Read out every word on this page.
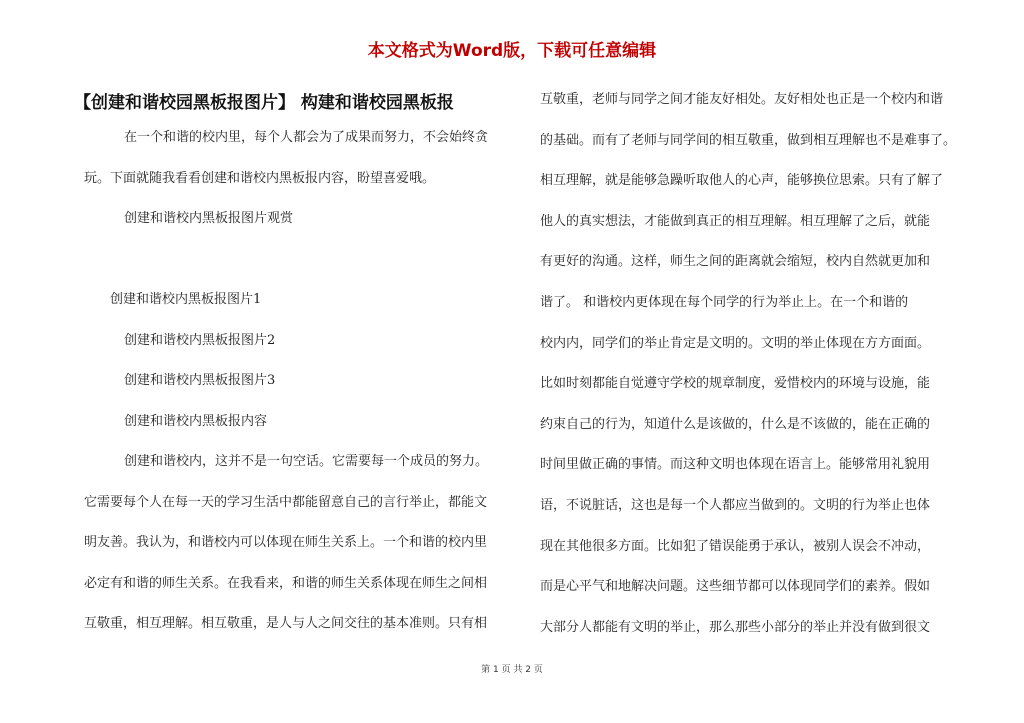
本文格式为Word版，下载可任意编辑
【创建和谐校园黑板报图片】 构建和谐校园黑板报
在一个和谐的校内里，每个人都会为了成果而努力，不会始终贪
玩。下面就随我看看创建和谐校内黑板报内容，盼望喜爱哦。
创建和谐校内黑板报图片观赏
创建和谐校内黑板报图片1
创建和谐校内黑板报图片2
创建和谐校内黑板报图片3
创建和谐校内黑板报内容
创建和谐校内，这并不是一句空话。它需要每一个成员的努力。
它需要每个人在每一天的学习生活中都能留意自己的言行举止，都能文
明友善。我认为，和谐校内可以体现在师生关系上。一个和谐的校内里
必定有和谐的师生关系。在我看来，和谐的师生关系体现在师生之间相
互敬重，相互理解。相互敬重，是人与人之间交往的基本准则。只有相
互敬重，老师与同学之间才能友好相处。友好相处也正是一个校内和谐
的基础。而有了老师与同学间的相互敬重，做到相互理解也不是难事了。
相互理解，就是能够急躁听取他人的心声，能够换位思索。只有了解了
他人的真实想法，才能做到真正的相互理解。相互理解了之后，就能
有更好的沟通。这样，师生之间的距离就会缩短，校内自然就更加和
谐了。 和谐校内更体现在每个同学的行为举止上。在一个和谐的
校内内，同学们的举止肯定是文明的。文明的举止体现在方方面面。
比如时刻都能自觉遵守学校的规章制度，爱惜校内的环境与设施，能
约束自己的行为，知道什么是该做的，什么是不该做的，能在正确的
时间里做正确的事情。而这种文明也体现在语言上。能够常用礼貌用
语，不说脏话，这也是每一个人都应当做到的。文明的行为举止也体
现在其他很多方面。比如犯了错误能勇于承认，被别人误会不冲动，
而是心平气和地解决问题。这些细节都可以体现同学们的素养。假如
大部分人都能有文明的举止，那么那些小部分的举止并没有做到很文
第 1 页 共 2 页
